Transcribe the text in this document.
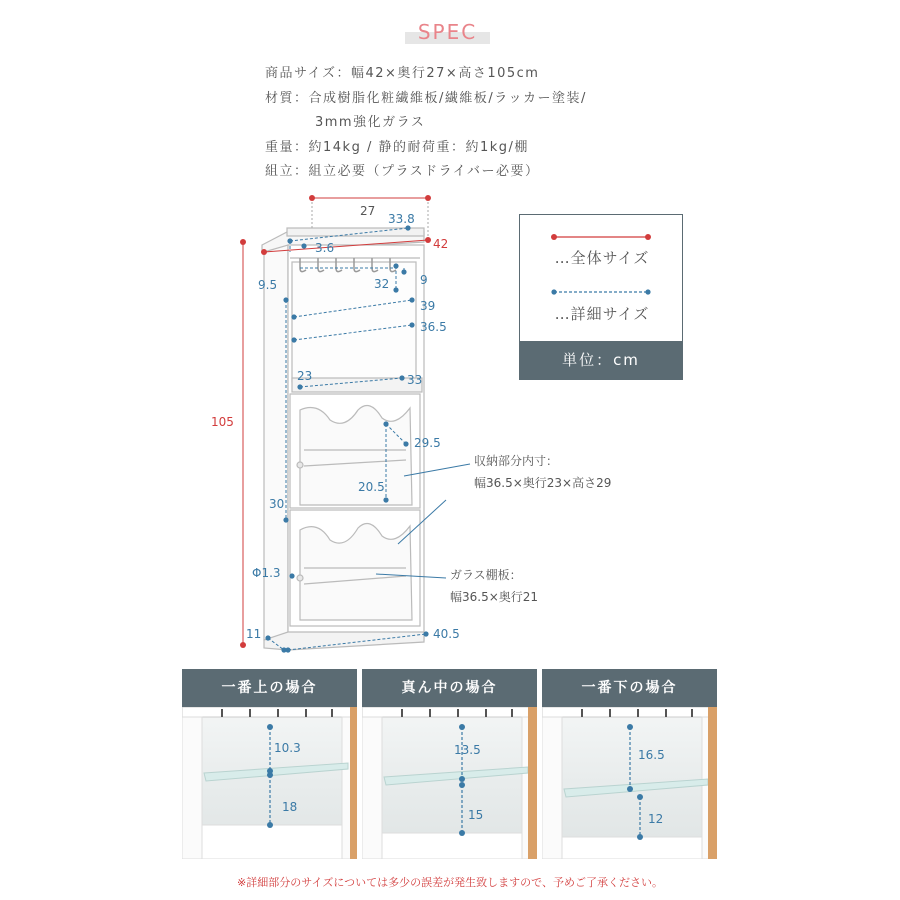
SPEC
商品サイズ：幅42×奥行27×高さ105cm
材質：合成樹脂化粧繊維板/繊維板/ラッカー塗装/
3mm強化ガラス
重量：約14kg / 静的耐荷重：約1kg/棚
組立：組立必要（プラスドライバー必要）
27
33.8
42
3.6
9
9.5	32
39
36.5
105
23	33
29.5
20.5
30
Φ1.3
11	40.5
…全体サイズ
…詳細サイズ
単位：cm
収納部分内寸：
幅36.5×奥行23×高さ29
ガラス棚板：
幅36.5×奥行21
一番上の場合
10.3
18
真ん中の場合
13.5
15
一番下の場合
16.5
12
※詳細部分のサイズについては多少の誤差が発生致しますので、予めご了承ください。
